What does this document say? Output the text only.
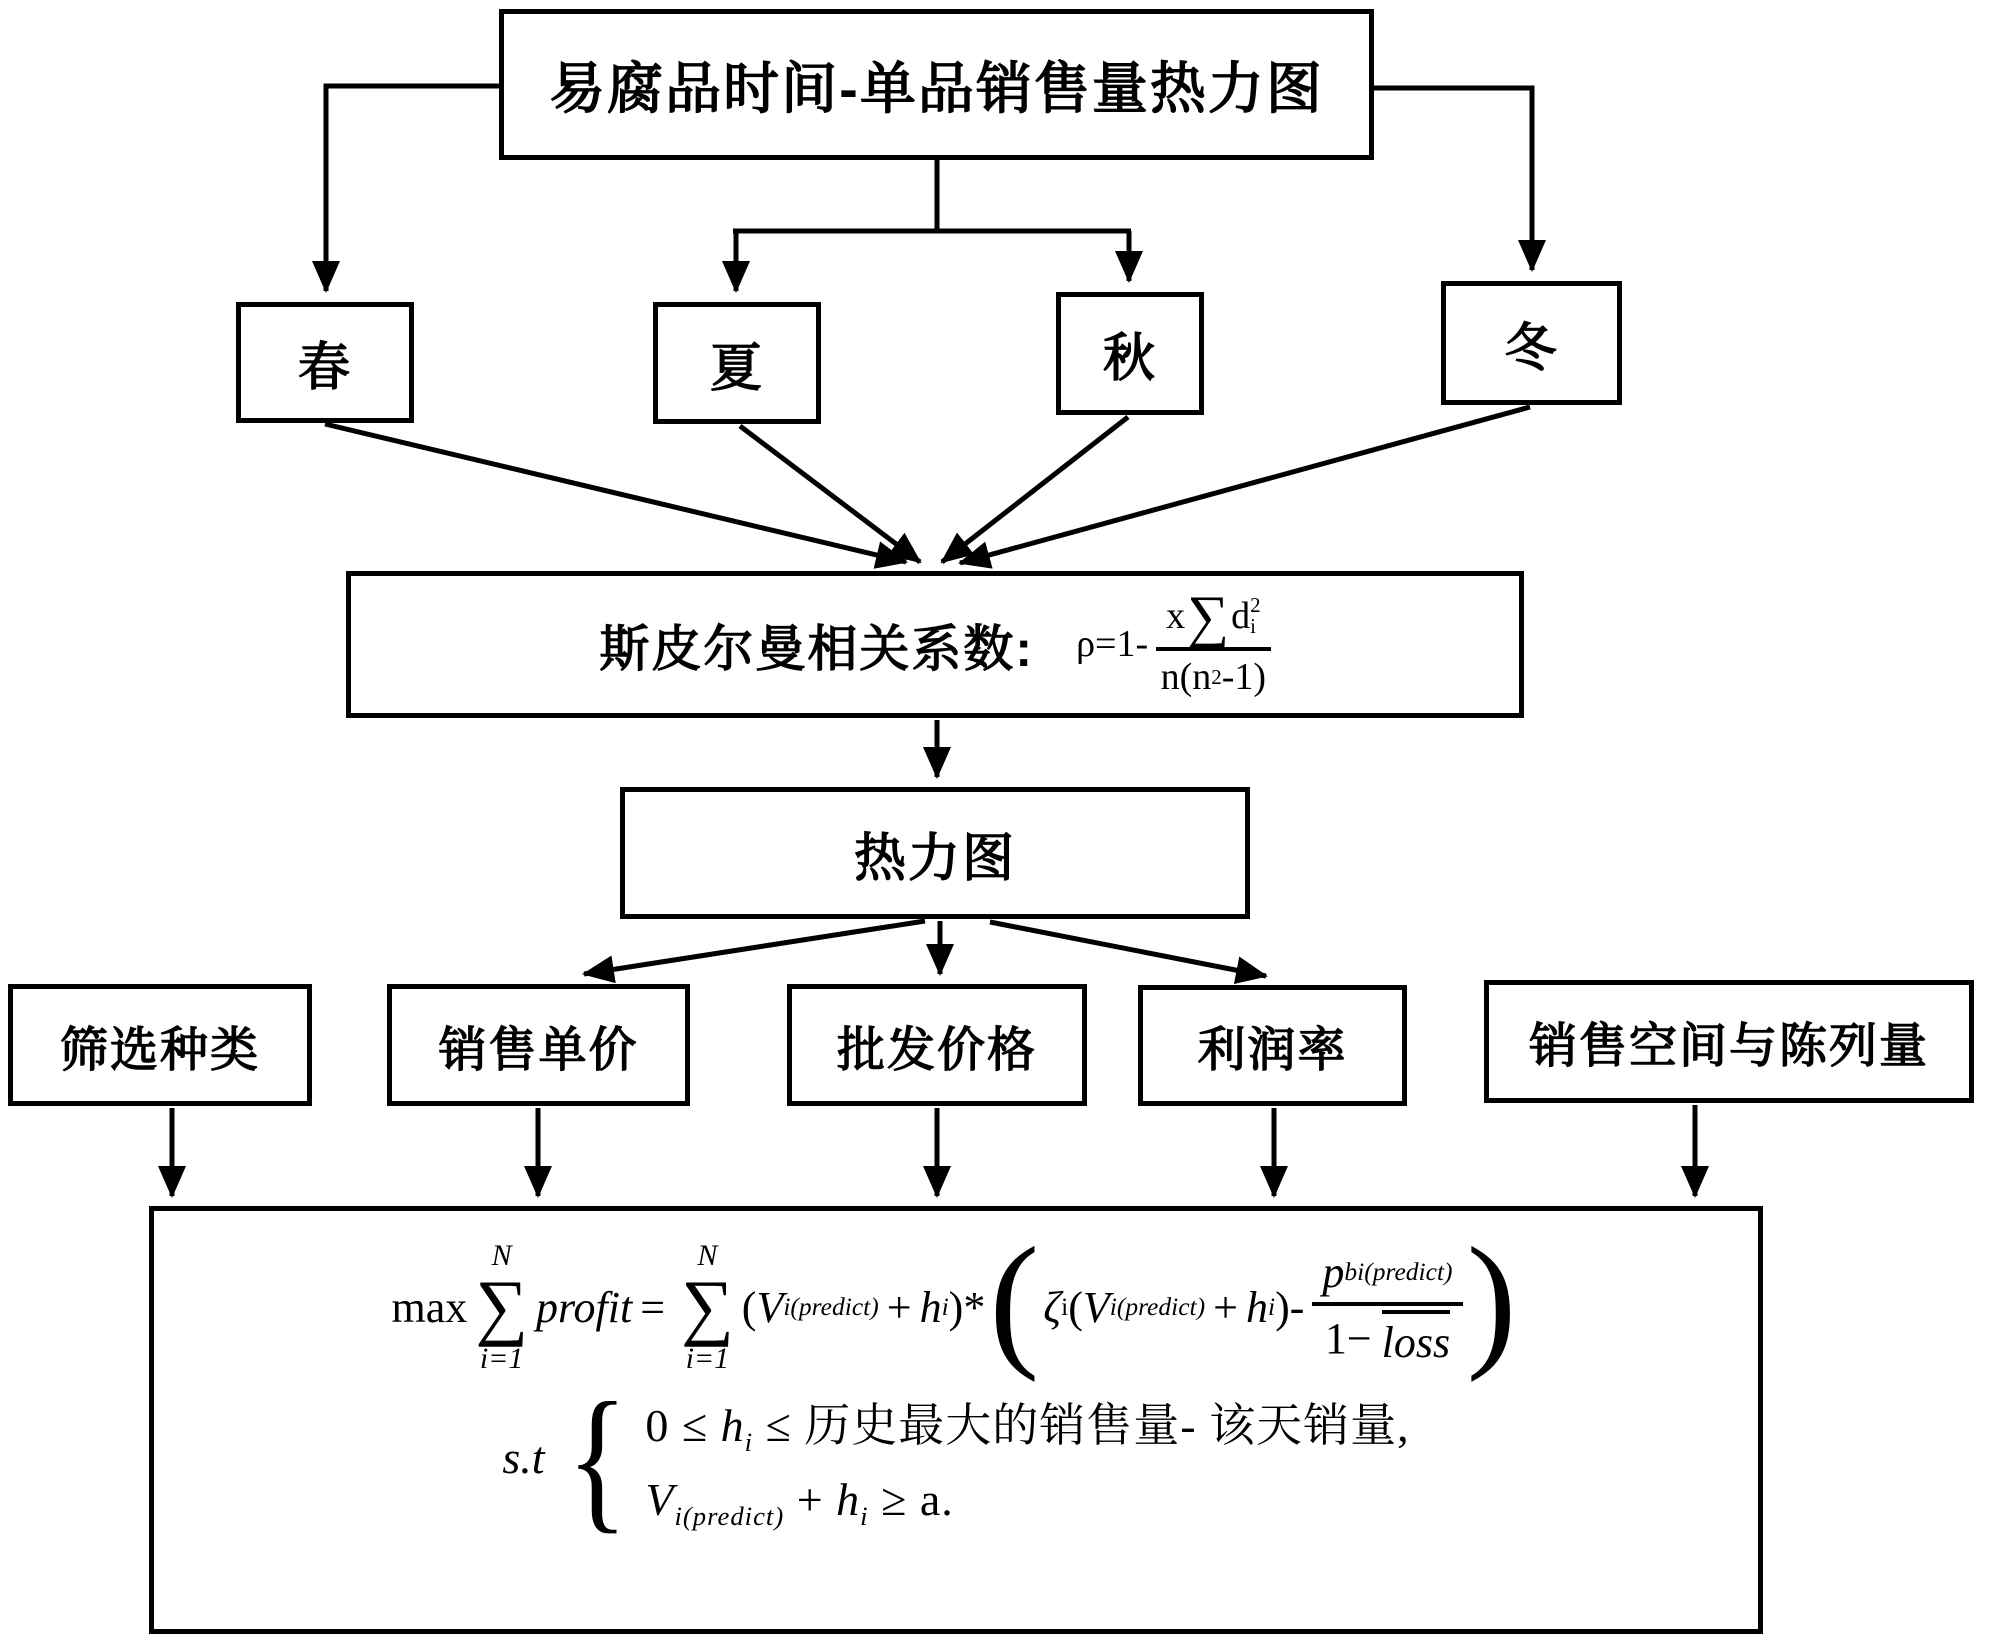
易腐品时间-单品销售量热力图
春	夏	秋	冬
斯皮尔曼相关系数: ρ=1-
x ∑ d 2
i
n(n 2 -1)
热力图
筛选种类	销售单价	批发价格	利润率	销售空间与陈列量
max
N
∑
i=1
profit =
N
∑
i=1
( V i(predict) + h i )* ( ζ i ( V i(predict) + h i )- $\frac{\text{p bi(predict)}}{\text{1− loss}}$ )
s.t { $0 \le h_i$ ≤ 历史最大的销售量- 该天销量,
$V_{i(predict)} + h_i \ge a$.
